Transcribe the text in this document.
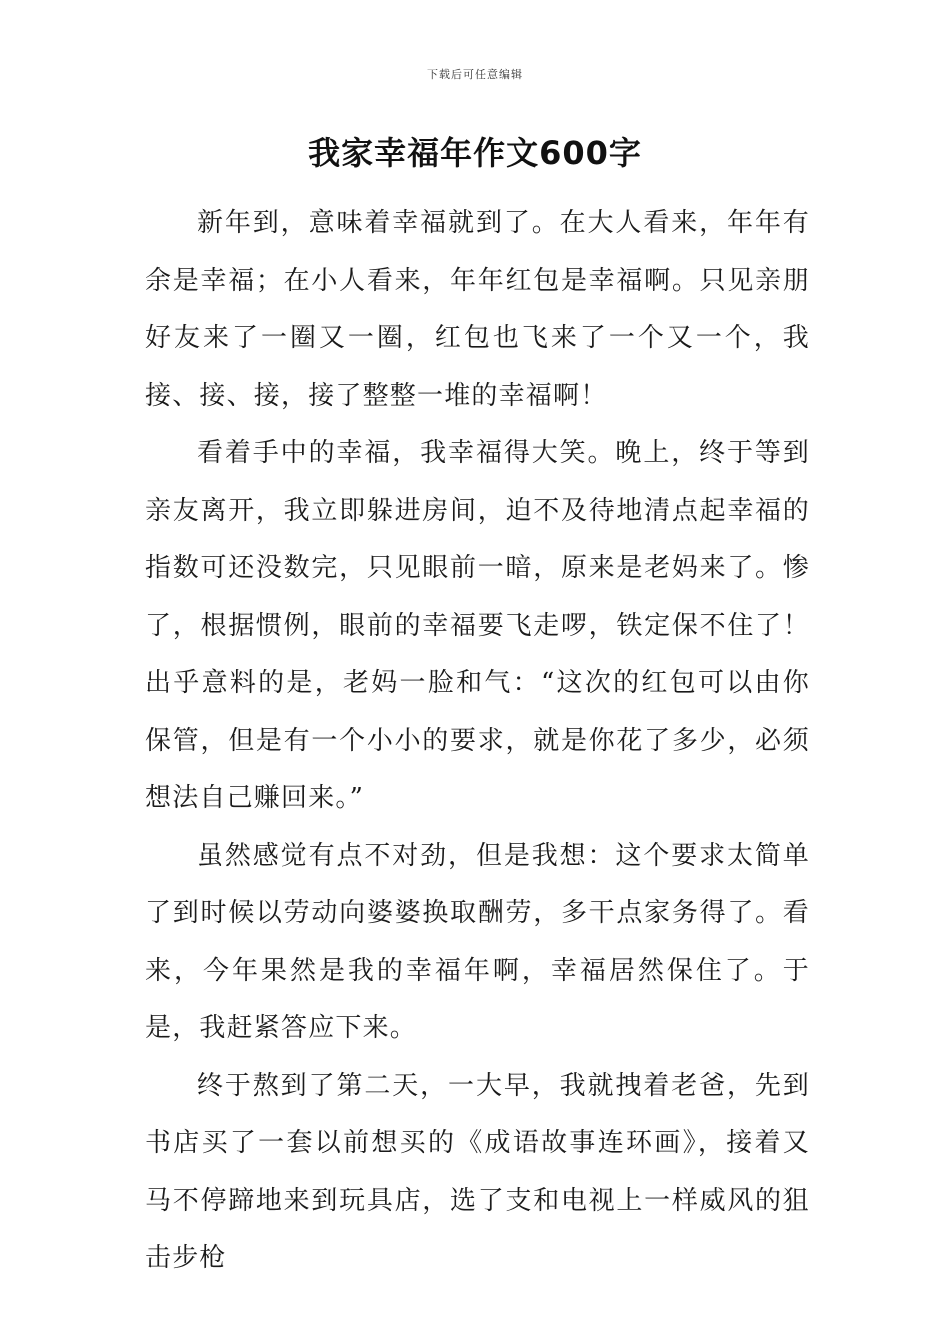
下载后可任意编辑
我家幸福年作文600字

新年到，意味着幸福就到了。在大人看来，年年有余是幸福；在小人看来，年年红包是幸福啊。只见亲朋好友来了一圈又一圈，红包也飞来了一个又一个，我接、接、接，接了整整一堆的幸福啊！

看着手中的幸福，我幸福得大笑。晚上，终于等到亲友离开，我立即躲进房间，迫不及待地清点起幸福的指数可还没数完，只见眼前一暗，原来是老妈来了。惨了，根据惯例，眼前的幸福要飞走啰，铁定保不住了！出乎意料的是，老妈一脸和气：“这次的红包可以由你保管，但是有一个小小的要求，就是你花了多少，必须想法自己赚回来。”

虽然感觉有点不对劲，但是我想：这个要求太简单了到时候以劳动向婆婆换取酬劳，多干点家务得了。看来，今年果然是我的幸福年啊，幸福居然保住了。于是，我赶紧答应下来。

终于熬到了第二天，一大早，我就拽着老爸，先到书店买了一套以前想买的《成语故事连环画》，接着又马不停蹄地来到玩具店，选了支和电视上一样威风的狙击步枪
